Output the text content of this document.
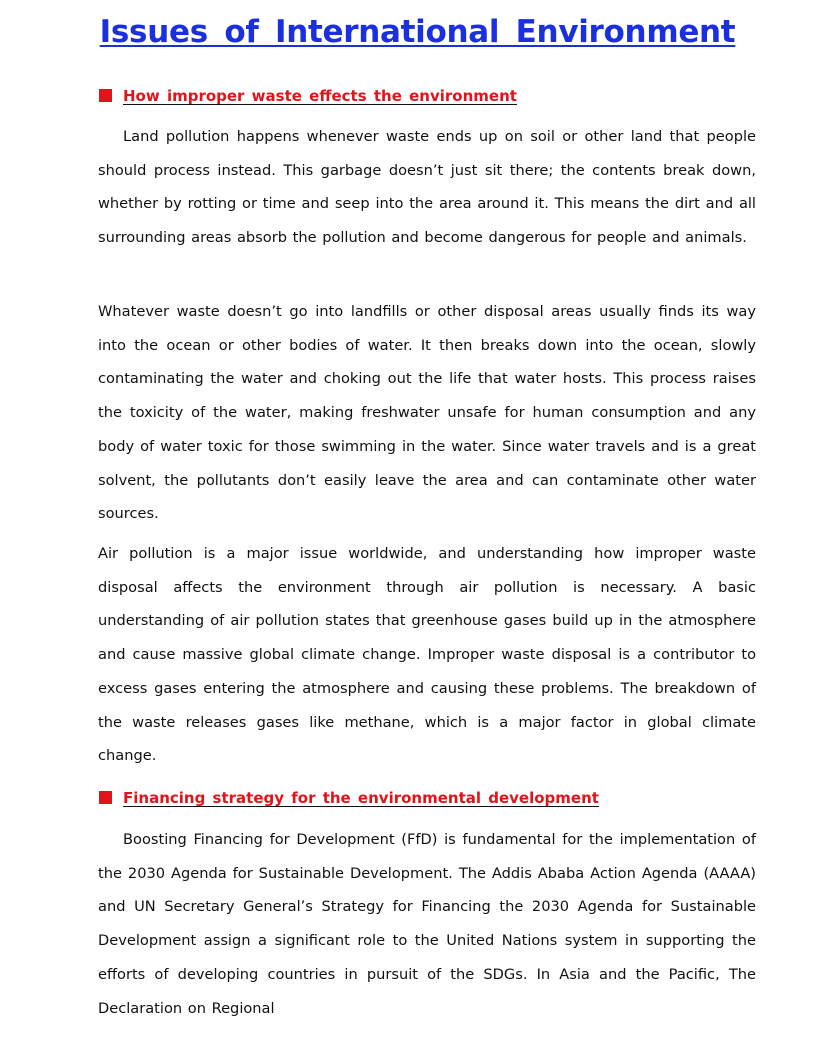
Issues of International Environment
How improper waste effects the environment

Land pollution happens whenever waste ends up on soil or other land that people should process instead. This garbage doesn’t just sit there; the contents break down, whether by rotting or time and seep into the area around it. This means the dirt and all surrounding areas absorb the pollution and become dangerous for people and animals.

Whatever waste doesn’t go into landfills or other disposal areas usually finds its way into the ocean or other bodies of water. It then breaks down into the ocean, slowly contaminating the water and choking out the life that water hosts. This process raises the toxicity of the water, making freshwater unsafe for human consumption and any body of water toxic for those swimming in the water. Since water travels and is a great solvent, the pollutants don’t easily leave the area and can contaminate other water sources.

Air pollution is a major issue worldwide, and understanding how improper waste disposal affects the environment through air pollution is necessary. A basic understanding of air pollution states that greenhouse gases build up in the atmosphere and cause massive global climate change. Improper waste disposal is a contributor to excess gases entering the atmosphere and causing these problems. The breakdown of the waste releases gases like methane, which is a major factor in global climate change.

Financing strategy for the environmental development

Boosting Financing for Development (FfD) is fundamental for the implementation of the 2030 Agenda for Sustainable Development. The Addis Ababa Action Agenda (AAAA) and UN Secretary General’s Strategy for Financing the 2030 Agenda for Sustainable Development assign a significant role to the United Nations system in supporting the efforts of developing countries in pursuit of the SDGs. In Asia and the Pacific, The Declaration on Regional
